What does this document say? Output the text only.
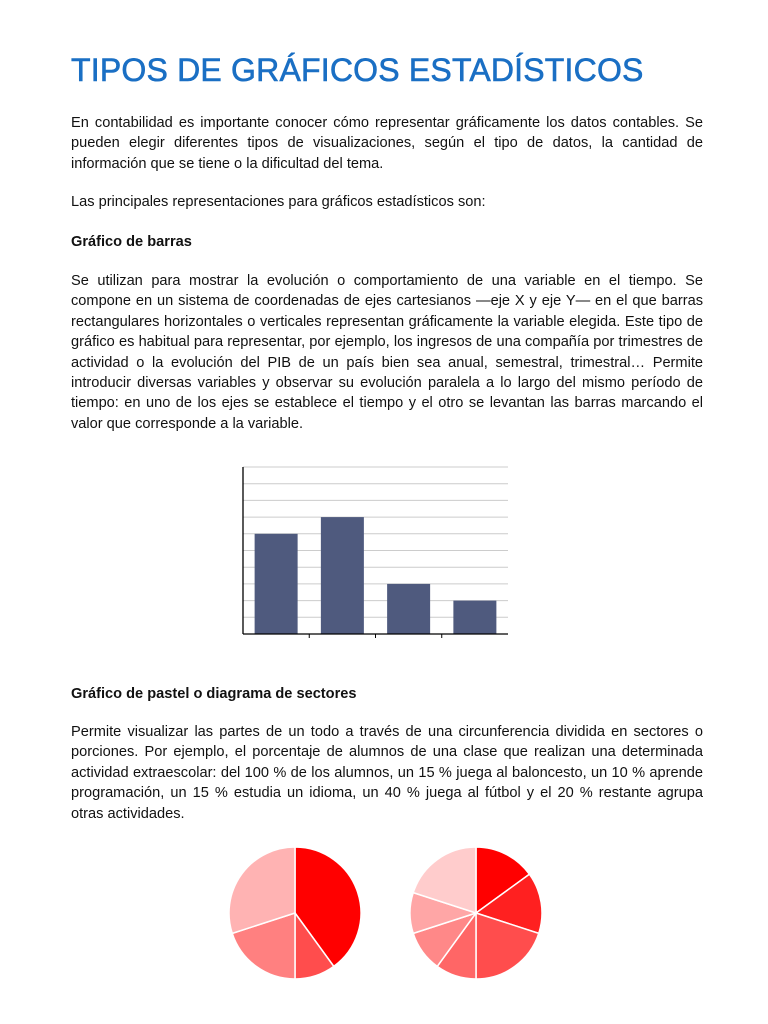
TIPOS DE GRÁFICOS ESTADÍSTICOS

En contabilidad es importante conocer cómo representar gráficamente los datos contables. Se pueden elegir diferentes tipos de visualizaciones, según el tipo de datos, la cantidad de información que se tiene o la dificultad del tema.

Las principales representaciones para gráficos estadísticos son:

Gráfico de barras

Se utilizan para mostrar la evolución o comportamiento de una variable en el tiempo. Se compone en un sistema de coordenadas de ejes cartesianos —eje X y eje Y— en el que barras rectangulares horizontales o verticales representan gráficamente la variable elegida. Este tipo de gráfico es habitual para representar, por ejemplo, los ingresos de una compañía por trimestres de actividad o la evolución del PIB de un país bien sea anual, semestral, trimestral… Permite introducir diversas variables y observar su evolución paralela a lo largo del mismo período de tiempo: en uno de los ejes se establece el tiempo y el otro se levantan las barras marcando el valor que corresponde a la variable.

Gráfico de pastel o diagrama de sectores

Permite visualizar las partes de un todo a través de una circunferencia dividida en sectores o porciones. Por ejemplo, el porcentaje de alumnos de una clase que realizan una determinada actividad extraescolar: del 100 % de los alumnos, un 15 % juega al baloncesto, un 10 % aprende programación, un 15 % estudia un idioma, un 40 % juega al fútbol y el 20 % restante agrupa otras actividades.
